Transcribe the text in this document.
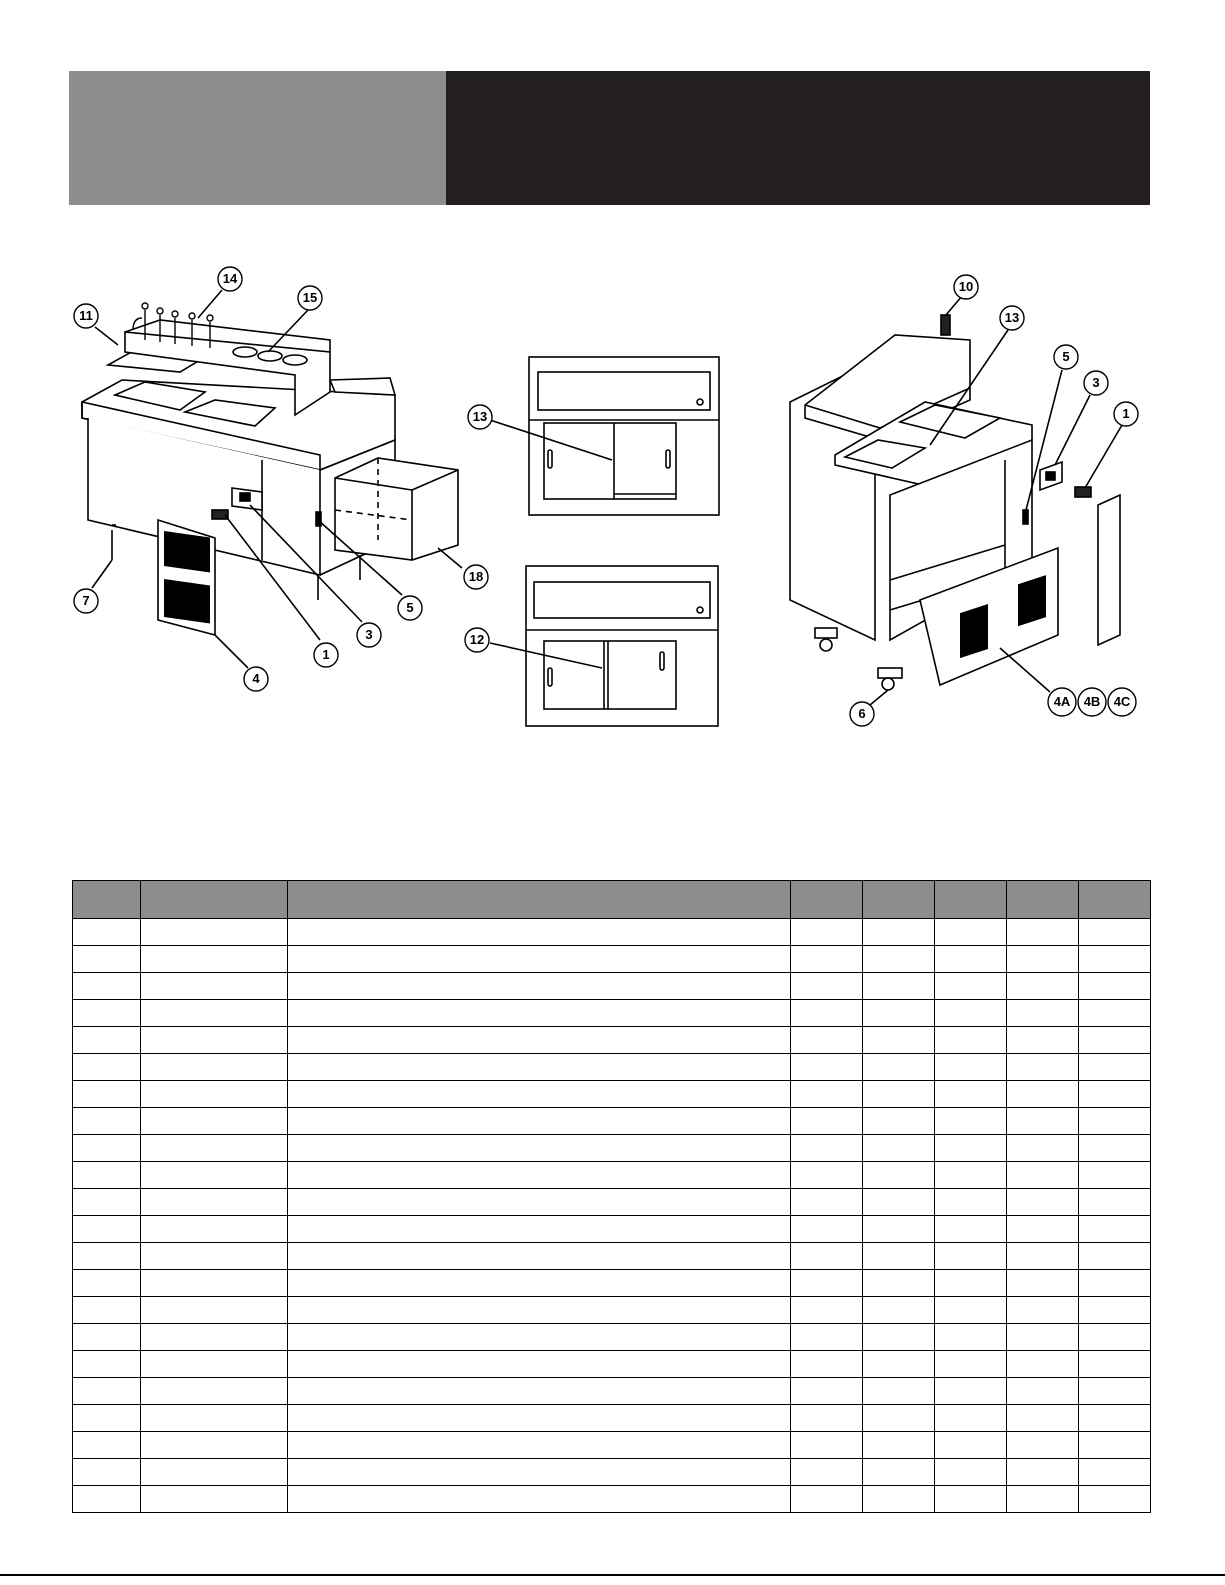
14
15
11
7
4
1
3
5
18
13
12
10
13
5
3
1
6
4A 4B 4C
